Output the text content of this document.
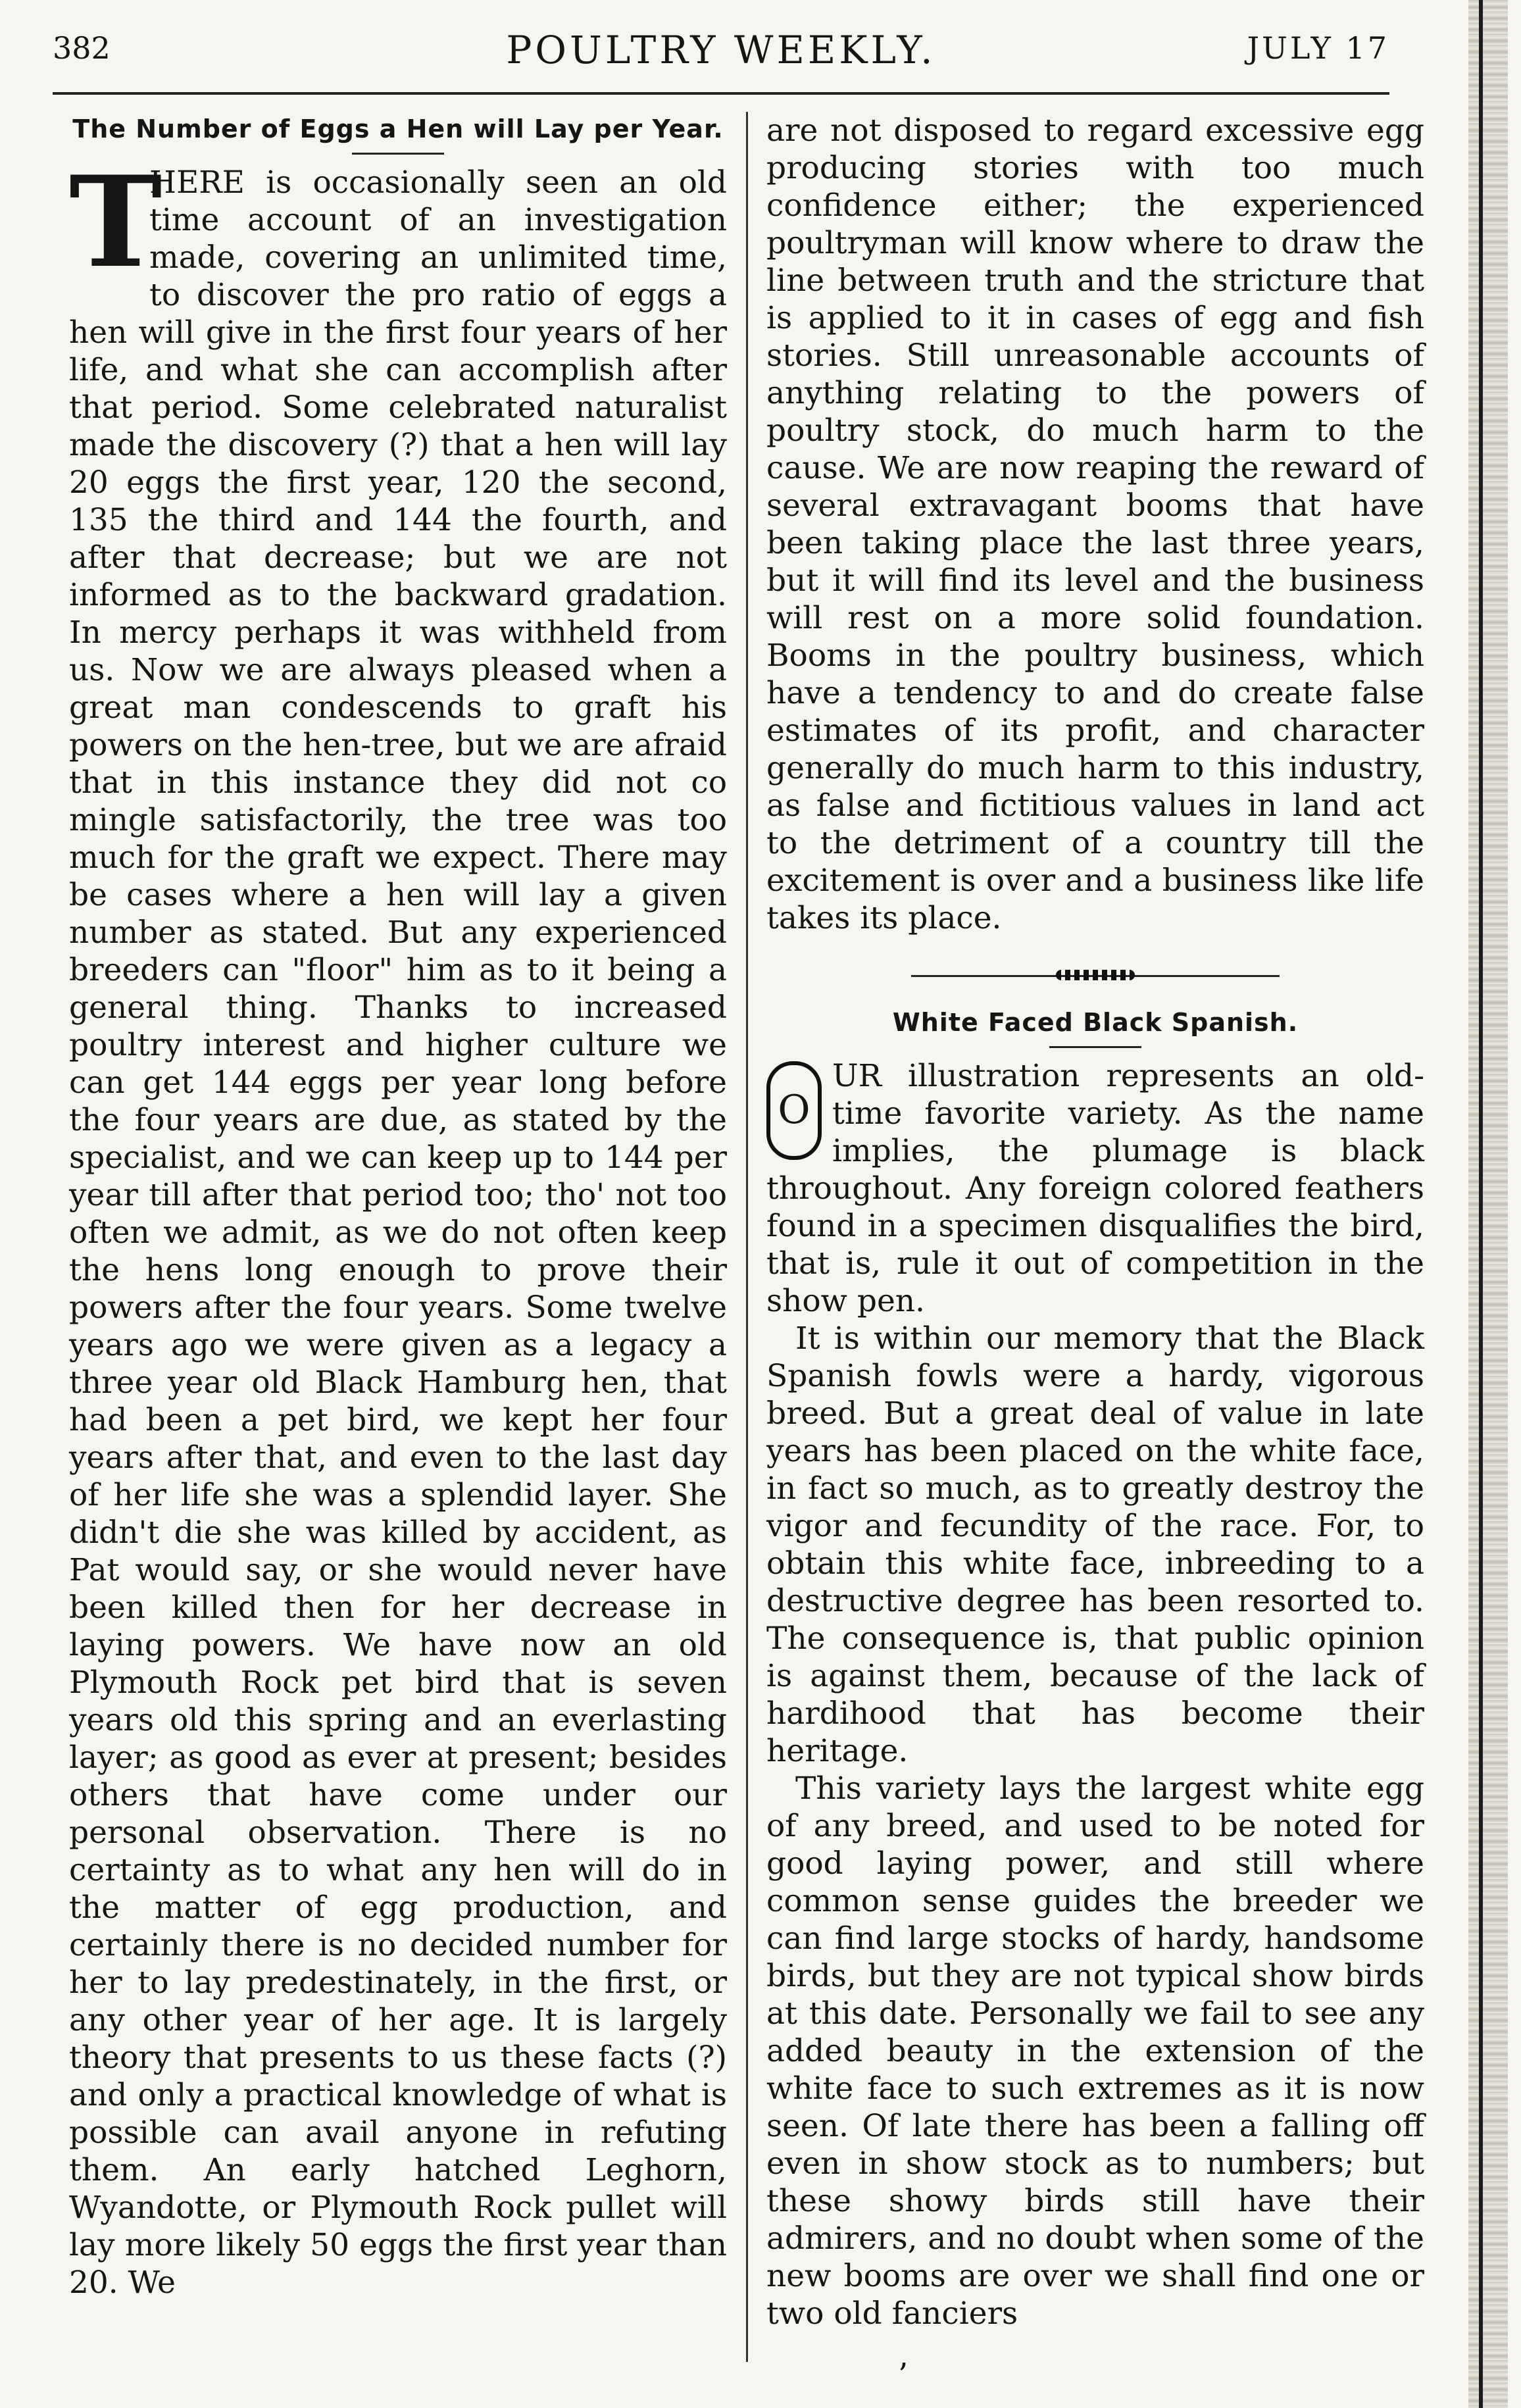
382	POULTRY WEEKLY.	JULY 17
The Number of Eggs a Hen will Lay per Year.
T

HERE is occasionally seen an old time account of an investigation made, covering an unlimited time, to discover the pro ratio of eggs a hen will give in the first four years of her life, and what she can accomplish after that period. Some celebrated naturalist made the discovery (?) that a hen will lay 20 eggs the first year, 120 the second, 135 the third and 144 the fourth, and after that decrease; but we are not informed as to the backward gradation. In mercy perhaps it was withheld from us. Now we are always pleased when a great man condescends to graft his powers on the hen-tree, but we are afraid that in this instance they did not co mingle satisfactorily, the tree was too much for the graft we expect. There may be cases where a hen will lay a given number as stated. But any experienced breeders can "floor" him as to it being a general thing. Thanks to increased poultry interest and higher culture we can get 144 eggs per year long before the four years are due, as stated by the specialist, and we can keep up to 144 per year till after that period too; tho' not too often we admit, as we do not often keep the hens long enough to prove their powers after the four years. Some twelve years ago we were given as a legacy a three year old Black Hamburg hen, that had been a pet bird, we kept her four years after that, and even to the last day of her life she was a splendid layer. She didn't die she was killed by accident, as Pat would say, or she would never have been killed then for her decrease in laying powers. We have now an old Plymouth Rock pet bird that is seven years old this spring and an everlasting layer; as good as ever at present; besides others that have come under our personal observation. There is no certainty as to what any hen will do in the matter of egg production, and certainly there is no decided number for her to lay predestinately, in the first, or any other year of her age. It is largely theory that presents to us these facts (?) and only a practical knowledge of what is possible can avail anyone in refuting them. An early hatched Leghorn, Wyandotte, or Plymouth Rock pullet will lay more likely 50 eggs the first year than 20. We

are not disposed to regard excessive egg producing stories with too much confidence either; the experienced poultryman will know where to draw the line between truth and the stricture that is applied to it in cases of egg and fish stories. Still unreasonable accounts of anything relating to the powers of poultry stock, do much harm to the cause. We are now reaping the reward of several extravagant booms that have been taking place the last three years, but it will find its level and the business will rest on a more solid foundation. Booms in the poultry business, which have a tendency to and do create false estimates of its profit, and character generally do much harm to this industry, as false and fictitious values in land act to the detriment of a country till the excitement is over and a business like life takes its place.

White Faced Black Spanish.
O

UR illustration represents an old-time favorite variety. As the name implies, the plumage is black throughout. Any foreign colored feathers found in a specimen disqualifies the bird, that is, rule it out of competition in the show pen.

It is within our memory that the Black Spanish fowls were a hardy, vigorous breed. But a great deal of value in late years has been placed on the white face, in fact so much, as to greatly destroy the vigor and fecundity of the race. For, to obtain this white face, inbreeding to a destructive degree has been resorted to. The consequence is, that public opinion is against them, because of the lack of hardihood that has become their heritage.

This variety lays the largest white egg of any breed, and used to be noted for good laying power, and still where common sense guides the breeder we can find large stocks of hardy, handsome birds, but they are not typical show birds at this date. Personally we fail to see any added beauty in the extension of the white face to such extremes as it is now seen. Of late there has been a falling off even in show stock as to numbers; but these showy birds still have their admirers, and no doubt when some of the new booms are over we shall find one or two old fanciers

’
